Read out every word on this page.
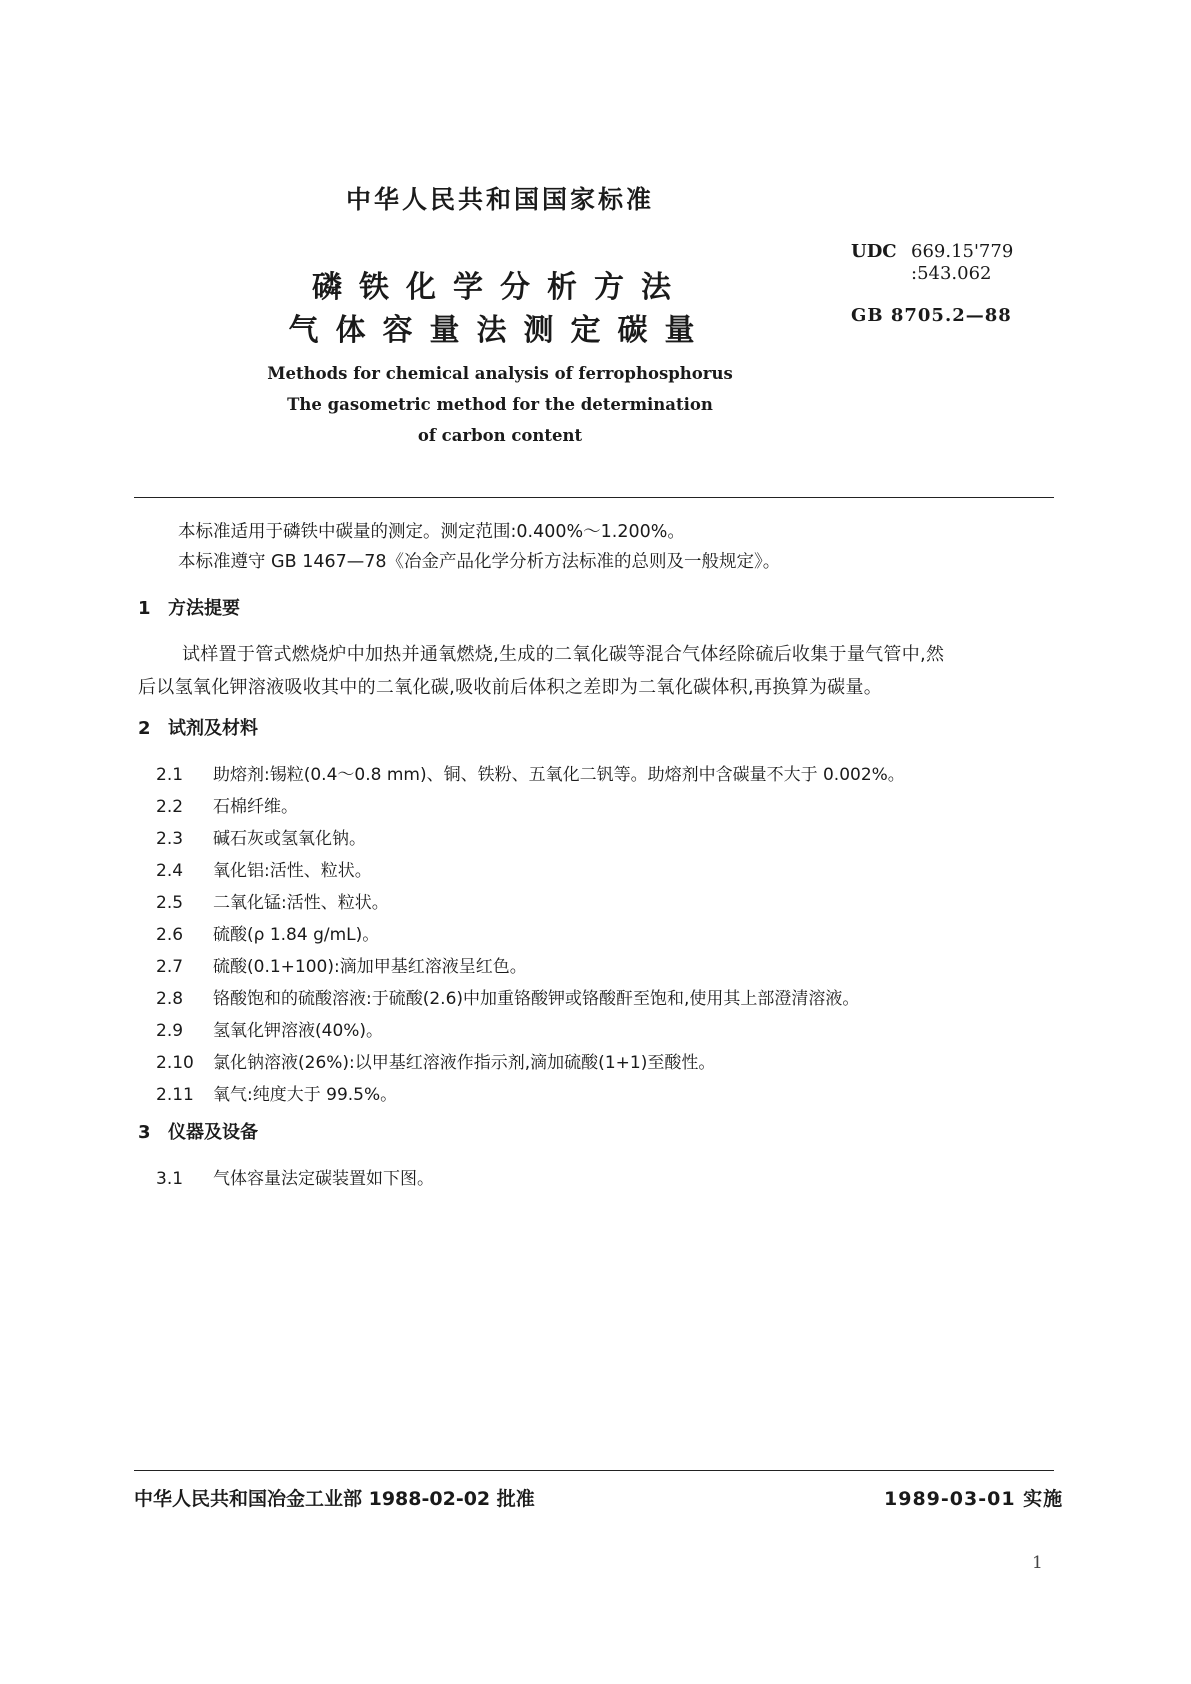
中华人民共和国国家标准
磷铁化学分析方法
气体容量法测定碳量
Methods for chemical analysis of ferrophosphorus
The gasometric method for the determination
of carbon content
UDC 669.15'779
:543.062
GB 8705.2—88
本标准适用于磷铁中碳量的测定。测定范围:0.400%～1.200%。
本标准遵守 GB 1467—78《冶金产品化学分析方法标准的总则及一般规定》。
1 方法提要
试样置于管式燃烧炉中加热并通氧燃烧,生成的二氧化碳等混合气体经除硫后收集于量气管中,然
后以氢氧化钾溶液吸收其中的二氧化碳,吸收前后体积之差即为二氧化碳体积,再换算为碳量。
2 试剂及材料
2.1 助熔剂:锡粒(0.4～0.8 mm)、铜、铁粉、五氧化二钒等。助熔剂中含碳量不大于 0.002%。
2.2 石棉纤维。
2.3 碱石灰或氢氧化钠。
2.4 氧化铝:活性、粒状。
2.5 二氧化锰:活性、粒状。
2.6 硫酸(ρ 1.84 g/mL)。
2.7 硫酸(0.1+100):滴加甲基红溶液呈红色。
2.8 铬酸饱和的硫酸溶液:于硫酸(2.6)中加重铬酸钾或铬酸酐至饱和,使用其上部澄清溶液。
2.9 氢氧化钾溶液(40%)。
2.10 氯化钠溶液(26%):以甲基红溶液作指示剂,滴加硫酸(1+1)至酸性。
2.11 氧气:纯度大于 99.5%。
3 仪器及设备
3.1 气体容量法定碳装置如下图。
中华人民共和国冶金工业部 1988-02-02 批准	1989-03-01 实施
1
